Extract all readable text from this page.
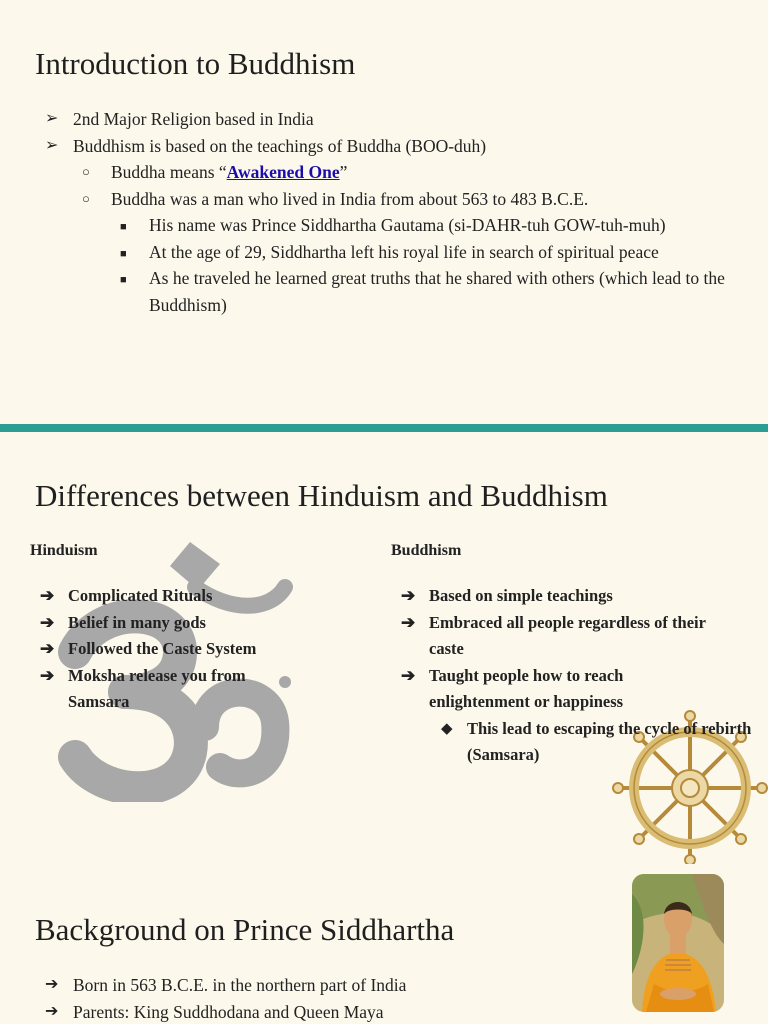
Introduction to Buddhism
➢ 2nd Major Religion based in India
➢ Buddhism is based on the teachings of Buddha (BOO-duh)
○ Buddha means “Awakened One”
○ Buddha was a man who lived in India from about 563 to 483 B.C.E.
■ His name was Prince Siddhartha Gautama (si-DAHR-tuh GOW-tuh-muh)
■ At the age of 29, Siddhartha left his royal life in search of spiritual peace
■ As he traveled he learned great truths that he shared with others (which lead to the Buddhism)
Differences between Hinduism and Buddhism
Hinduism
➔ Complicated Rituals
➔ Belief in many gods
➔ Followed the Caste System
➔ Moksha release you from Samsara
Buddhism
➔ Based on simple teachings
➔ Embraced all people regardless of their caste
➔ Taught people how to reach enlightenment or happiness
◆ This lead to escaping the cycle of rebirth (Samsara)
Background on Prince Siddhartha
➔ Born in 563 B.C.E. in the northern part of India
➔ Parents: King Suddhodana and Queen Maya
